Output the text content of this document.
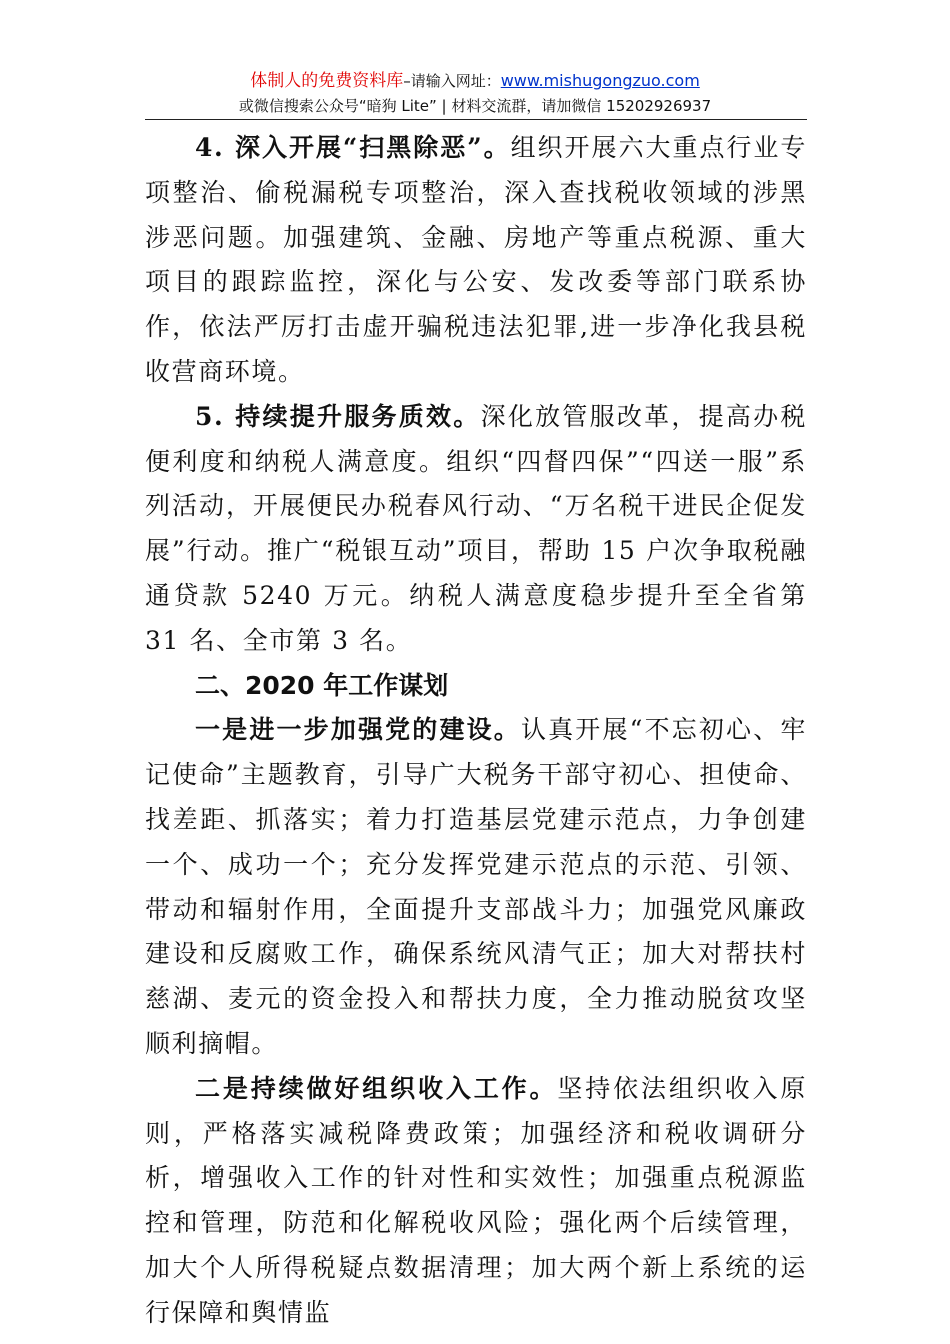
体制人的免费资料库–请输入网址：www.mishugongzuo.com
或微信搜索公众号“暗狗 Lite” | 材料交流群，请加微信 15202926937

4. 深入开展“扫黑除恶”。组织开展六大重点行业专项整治、偷税漏税专项整治，深入查找税收领域的涉黑涉恶问题。加强建筑、金融、房地产等重点税源、重大项目的跟踪监控，深化与公安、发改委等部门联系协作，依法严厉打击虚开骗税违法犯罪,进一步净化我县税收营商环境。

5. 持续提升服务质效。深化放管服改革，提高办税便利度和纳税人满意度。组织“四督四保”“四送一服”系列活动，开展便民办税春风行动、“万名税干进民企促发展”行动。推广“税银互动”项目，帮助 15 户次争取税融通贷款 5240 万元。纳税人满意度稳步提升至全省第 31 名、全市第 3 名。

二、2020 年工作谋划

一是进一步加强党的建设。认真开展“不忘初心、牢记使命”主题教育，引导广大税务干部守初心、担使命、找差距、抓落实；着力打造基层党建示范点，力争创建一个、成功一个；充分发挥党建示范点的示范、引领、带动和辐射作用，全面提升支部战斗力；加强党风廉政建设和反腐败工作，确保系统风清气正；加大对帮扶村慈湖、麦元的资金投入和帮扶力度，全力推动脱贫攻坚顺利摘帽。

二是持续做好组织收入工作。坚持依法组织收入原则，严格落实减税降费政策；加强经济和税收调研分析，增强收入工作的针对性和实效性；加强重点税源监控和管理，防范和化解税收风险；强化两个后续管理，加大个人所得税疑点数据清理；加大两个新上系统的运行保障和舆情监
